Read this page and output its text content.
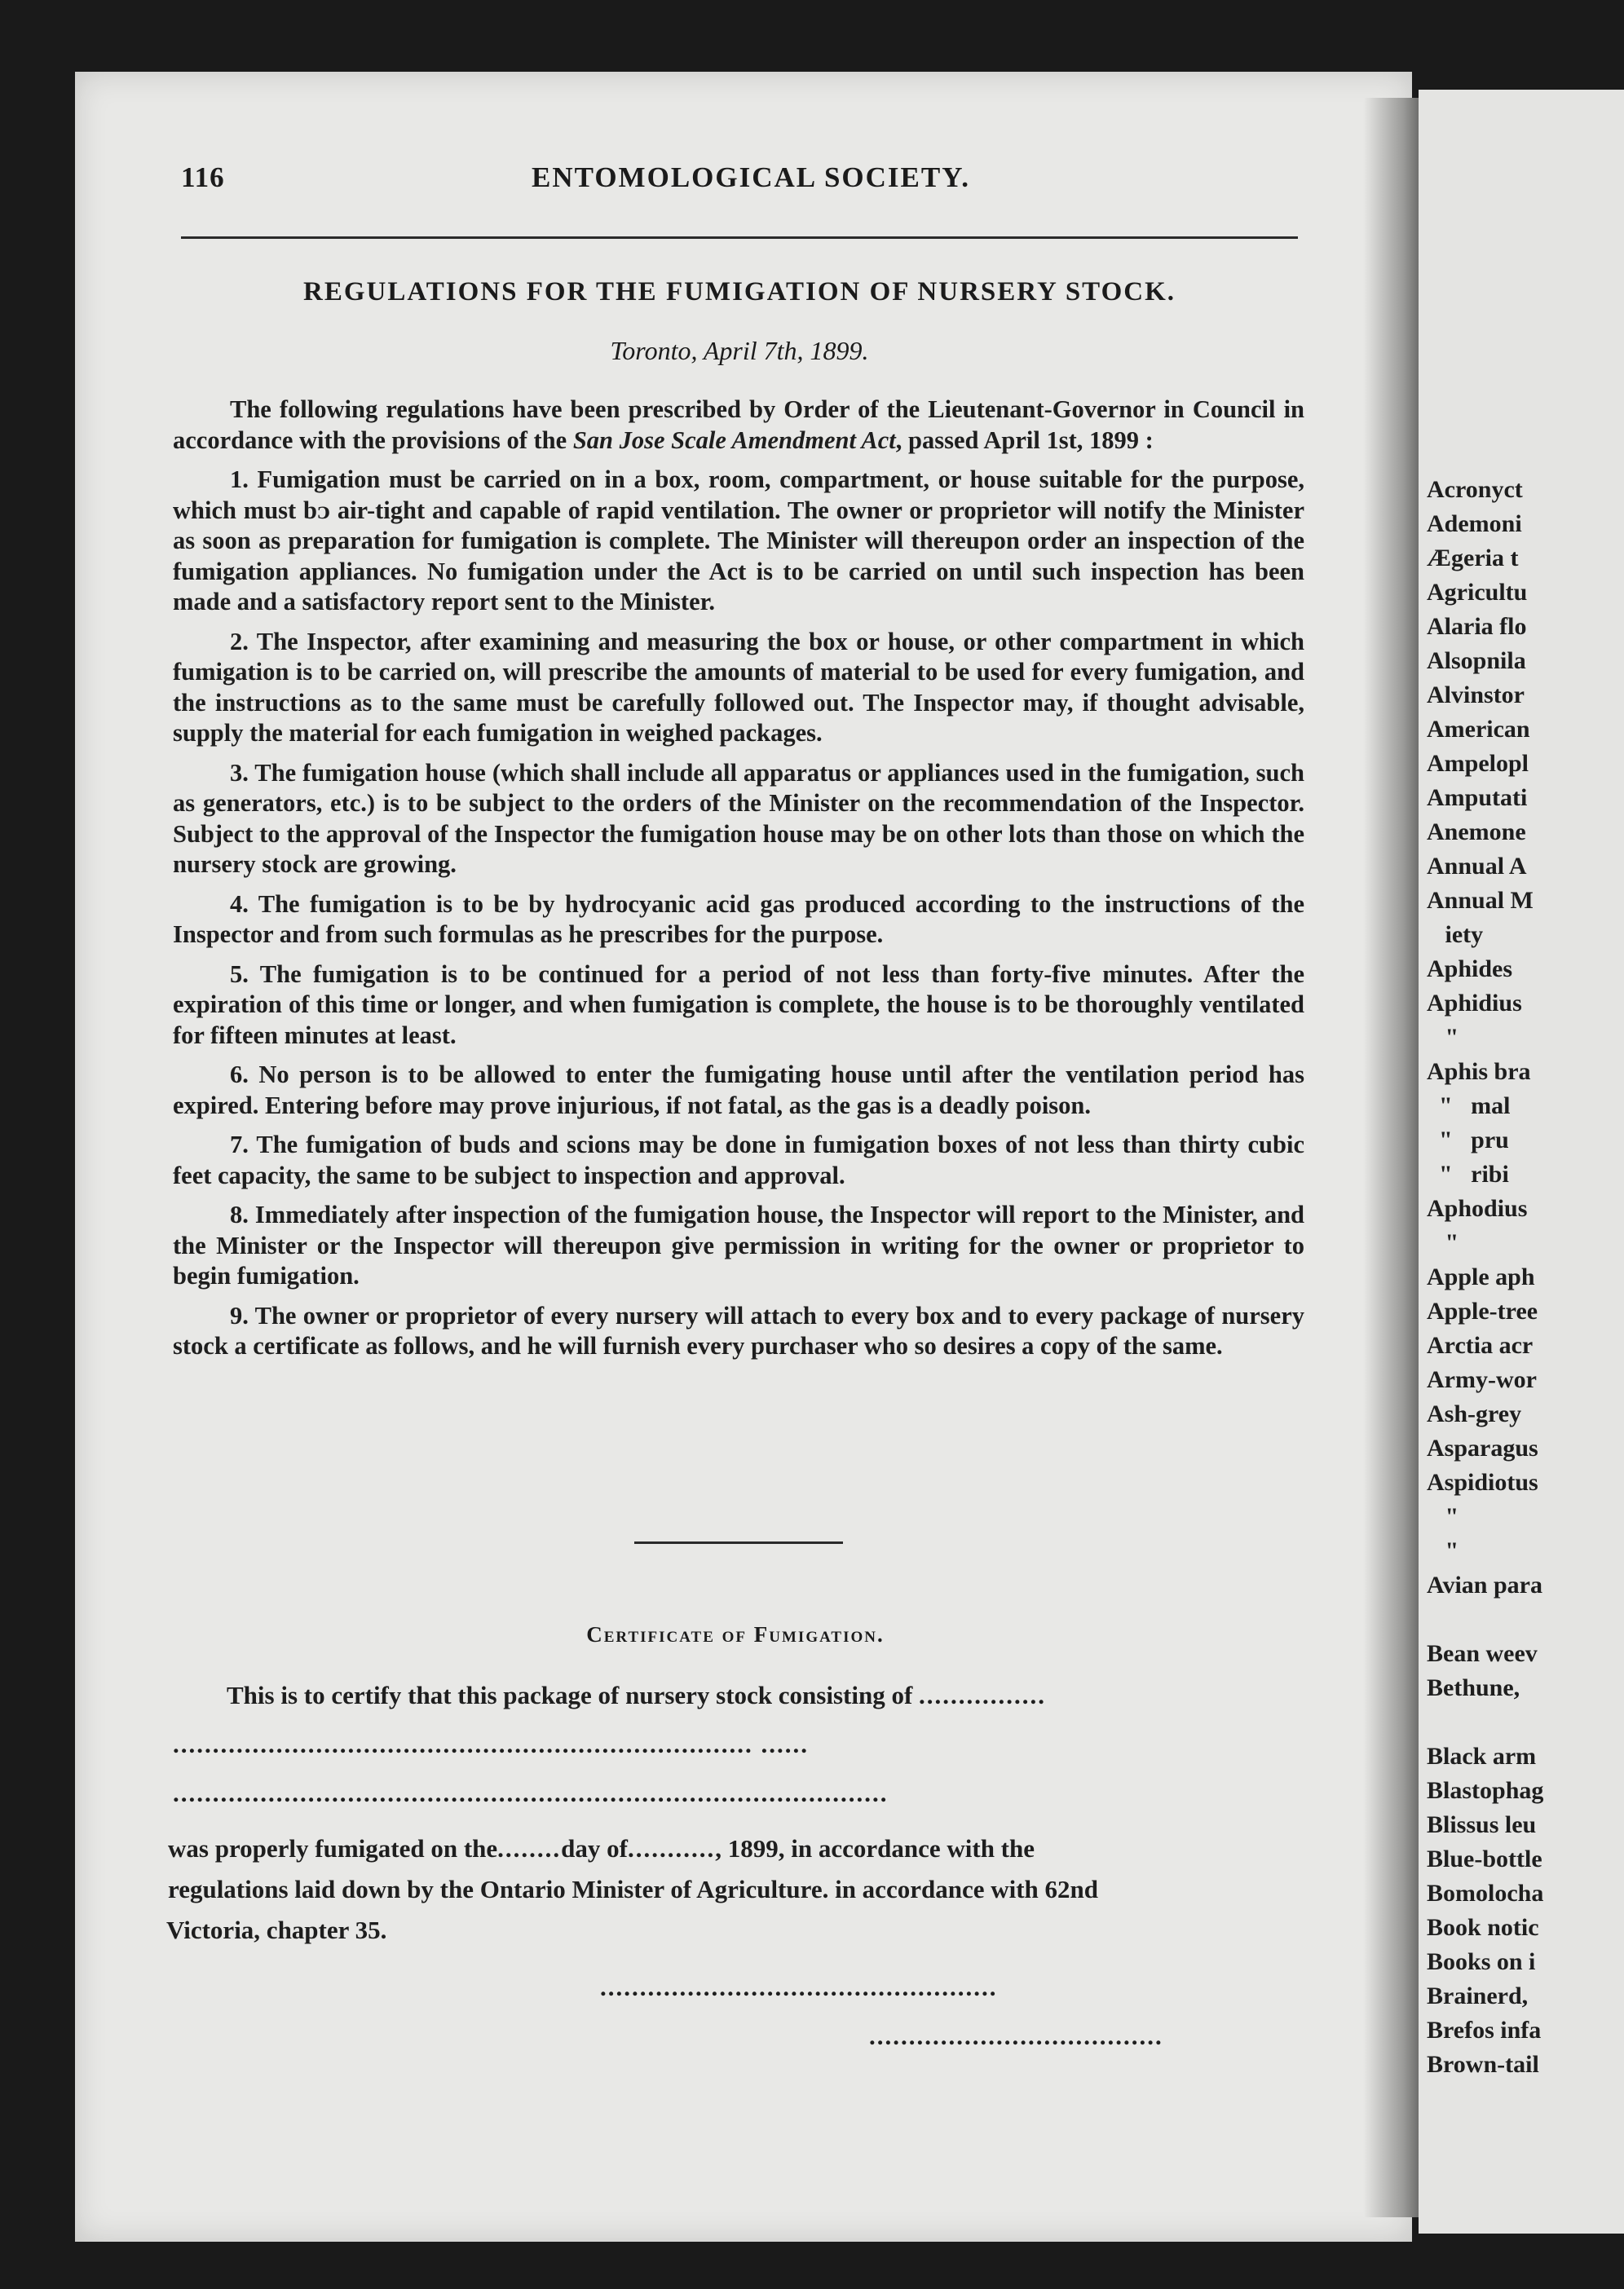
Acronyct
Ademoni
Ægeria t
Agricultu
Alaria flo
Alsopnila
Alvinstor
American
Ampelopl
Amputati
Anemone
Annual A
Annual M
iety
Aphides
Aphidius
"
Aphis bra
"   mal
"   pru
"   ribi
Aphodius
"
Apple aph
Apple-tree
Arctia acr
Army-wor
Ash-grey
Asparagus
Aspidiotus
"
"
Avian para
Bean weev
Bethune,
Black arm
Blastophag
Blissus leu
Blue-bottle
Bomolocha
Book notic
Books on i
Brainerd,
Brefos infa
Brown-tail
116	ENTOMOLOGICAL SOCIETY.
REGULATIONS FOR THE FUMIGATION OF NURSERY STOCK.
Toronto, April 7th, 1899.

The following regulations have been prescribed by Order of the Lieutenant-Governor in Council in accordance with the provisions of the San Jose Scale Amendment Act, passed April 1st, 1899 :

1. Fumigation must be carried on in a box, room, compartment, or house suitable for the purpose, which must b⁠ᴐ air-tight and capable of rapid ventilation. The owner or proprietor will notify the Minister as soon as preparation for fumigation is complete. The Minister will thereupon order an inspection of the fumigation appliances. No fumigation under the Act is to be carried on until such inspection has been made and a satisfactory report sent to the Minister.

2. The Inspector, after examining and measuring the box or house, or other compartment in which fumigation is to be carried on, will prescribe the amounts of material to be used for every fumigation, and the instructions as to the same must be carefully followed out. The Inspector may, if thought advisable, supply the material for each fumigation in weighed packages.

3. The fumigation house (which shall include all apparatus or appliances used in the fumigation, such as generators, etc.) is to be subject to the orders of the Minister on the recommendation of the Inspector. Subject to the approval of the Inspector the fumigation house may be on other lots than those on which the nursery stock are growing.

4. The fumigation is to be by hydrocyanic acid gas produced according to the instructions of the Inspector and from such formulas as he prescribes for the purpose.

5. The fumigation is to be continued for a period of not less than forty-five minutes. After the expiration of this time or longer, and when fumigation is complete, the house is to be thoroughly ventilated for fifteen minutes at least.

6. No person is to be allowed to enter the fumigating house until after the ventilation period has expired. Entering before may prove injurious, if not fatal, as the gas is a deadly poison.

7. The fumigation of buds and scions may be done in fumigation boxes of not less than thirty cubic feet capacity, the same to be subject to inspection and approval.

8. Immediately after inspection of the fumigation house, the Inspector will report to the Minister, and the Minister or the Inspector will thereupon give permission in writing for the owner or proprietor to begin fumigation.

9. The owner or proprietor of every nursery will attach to every box and to every package of nursery stock a certificate as follows, and he will furnish every purchaser who so desires a copy of the same.

Certificate of Fumigation.
This is to certify that this package of nursery stock consisting of ................
......................................................................... ......
..........................................................................................
was properly fumigated on the........day of..........., 1899, in accordance with the
regulations laid down by the Ontario Minister of Agriculture. in accordance with 62nd
Victoria, chapter 35.
..................................................
.....................................
